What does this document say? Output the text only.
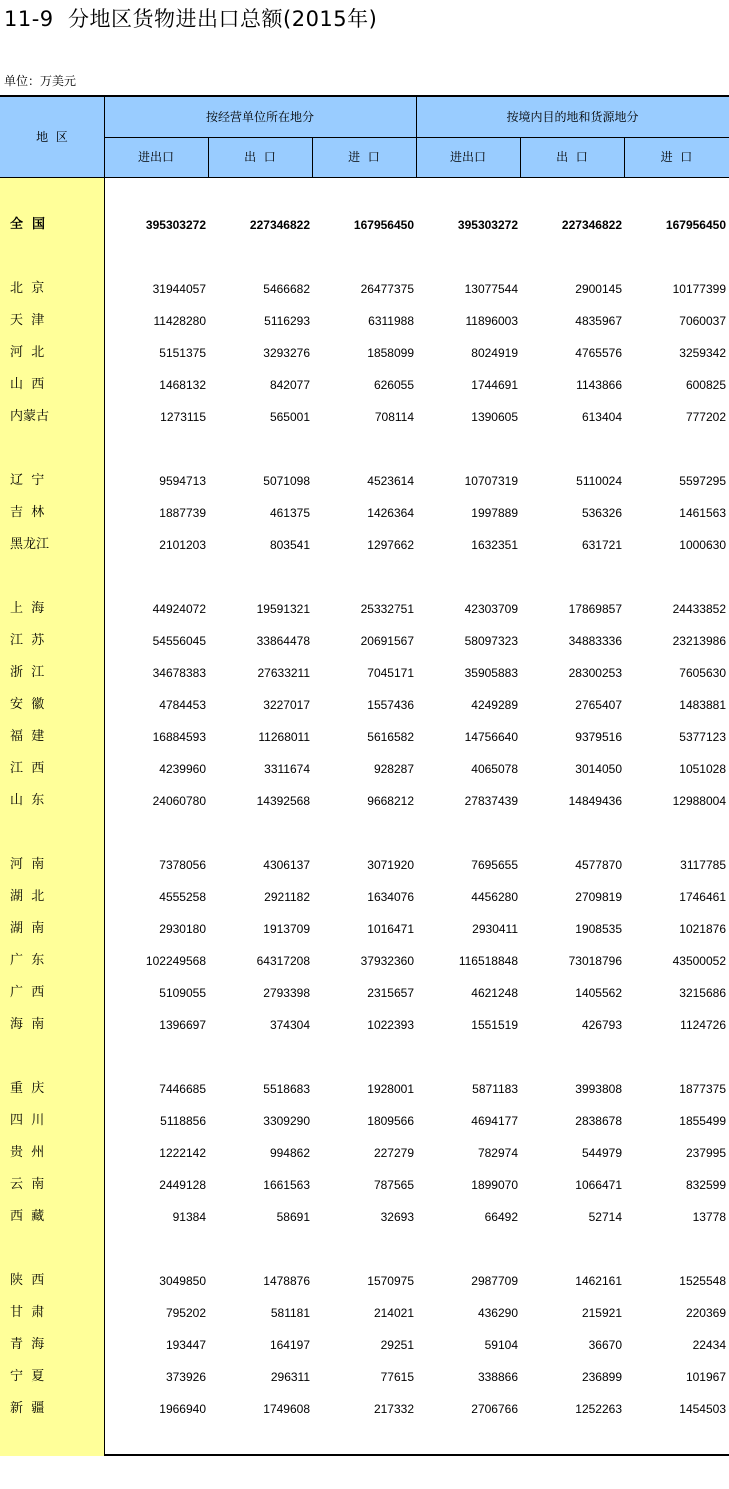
11-9  分地区货物进出口总额(2015年)
单位：万美元
地  区
按经营单位所在地分	按境内目的地和货源地分
进出口	出  口	进  口	进出口	出  口	进  口
全  国	395303272	227346822	167956450	395303272	227346822	167956450
北  京	31944057	5466682	26477375	13077544	2900145	10177399
天  津	11428280	5116293	6311988	11896003	4835967	7060037
河  北	5151375	3293276	1858099	8024919	4765576	3259342
山  西	1468132	842077	626055	1744691	1143866	600825
内蒙古	1273115	565001	708114	1390605	613404	777202
辽  宁	9594713	5071098	4523614	10707319	5110024	5597295
吉  林	1887739	461375	1426364	1997889	536326	1461563
黑龙江	2101203	803541	1297662	1632351	631721	1000630
上  海	44924072	19591321	25332751	42303709	17869857	24433852
江  苏	54556045	33864478	20691567	58097323	34883336	23213986
浙  江	34678383	27633211	7045171	35905883	28300253	7605630
安  徽	4784453	3227017	1557436	4249289	2765407	1483881
福  建	16884593	11268011	5616582	14756640	9379516	5377123
江  西	4239960	3311674	928287	4065078	3014050	1051028
山  东	24060780	14392568	9668212	27837439	14849436	12988004
河  南	7378056	4306137	3071920	7695655	4577870	3117785
湖  北	4555258	2921182	1634076	4456280	2709819	1746461
湖  南	2930180	1913709	1016471	2930411	1908535	1021876
广  东	102249568	64317208	37932360	116518848	73018796	43500052
广  西	5109055	2793398	2315657	4621248	1405562	3215686
海  南	1396697	374304	1022393	1551519	426793	1124726
重  庆	7446685	5518683	1928001	5871183	3993808	1877375
四  川	5118856	3309290	1809566	4694177	2838678	1855499
贵  州	1222142	994862	227279	782974	544979	237995
云  南	2449128	1661563	787565	1899070	1066471	832599
西  藏	91384	58691	32693	66492	52714	13778
陕  西	3049850	1478876	1570975	2987709	1462161	1525548
甘  肃	795202	581181	214021	436290	215921	220369
青  海	193447	164197	29251	59104	36670	22434
宁  夏	373926	296311	77615	338866	236899	101967
新  疆	1966940	1749608	217332	2706766	1252263	1454503
